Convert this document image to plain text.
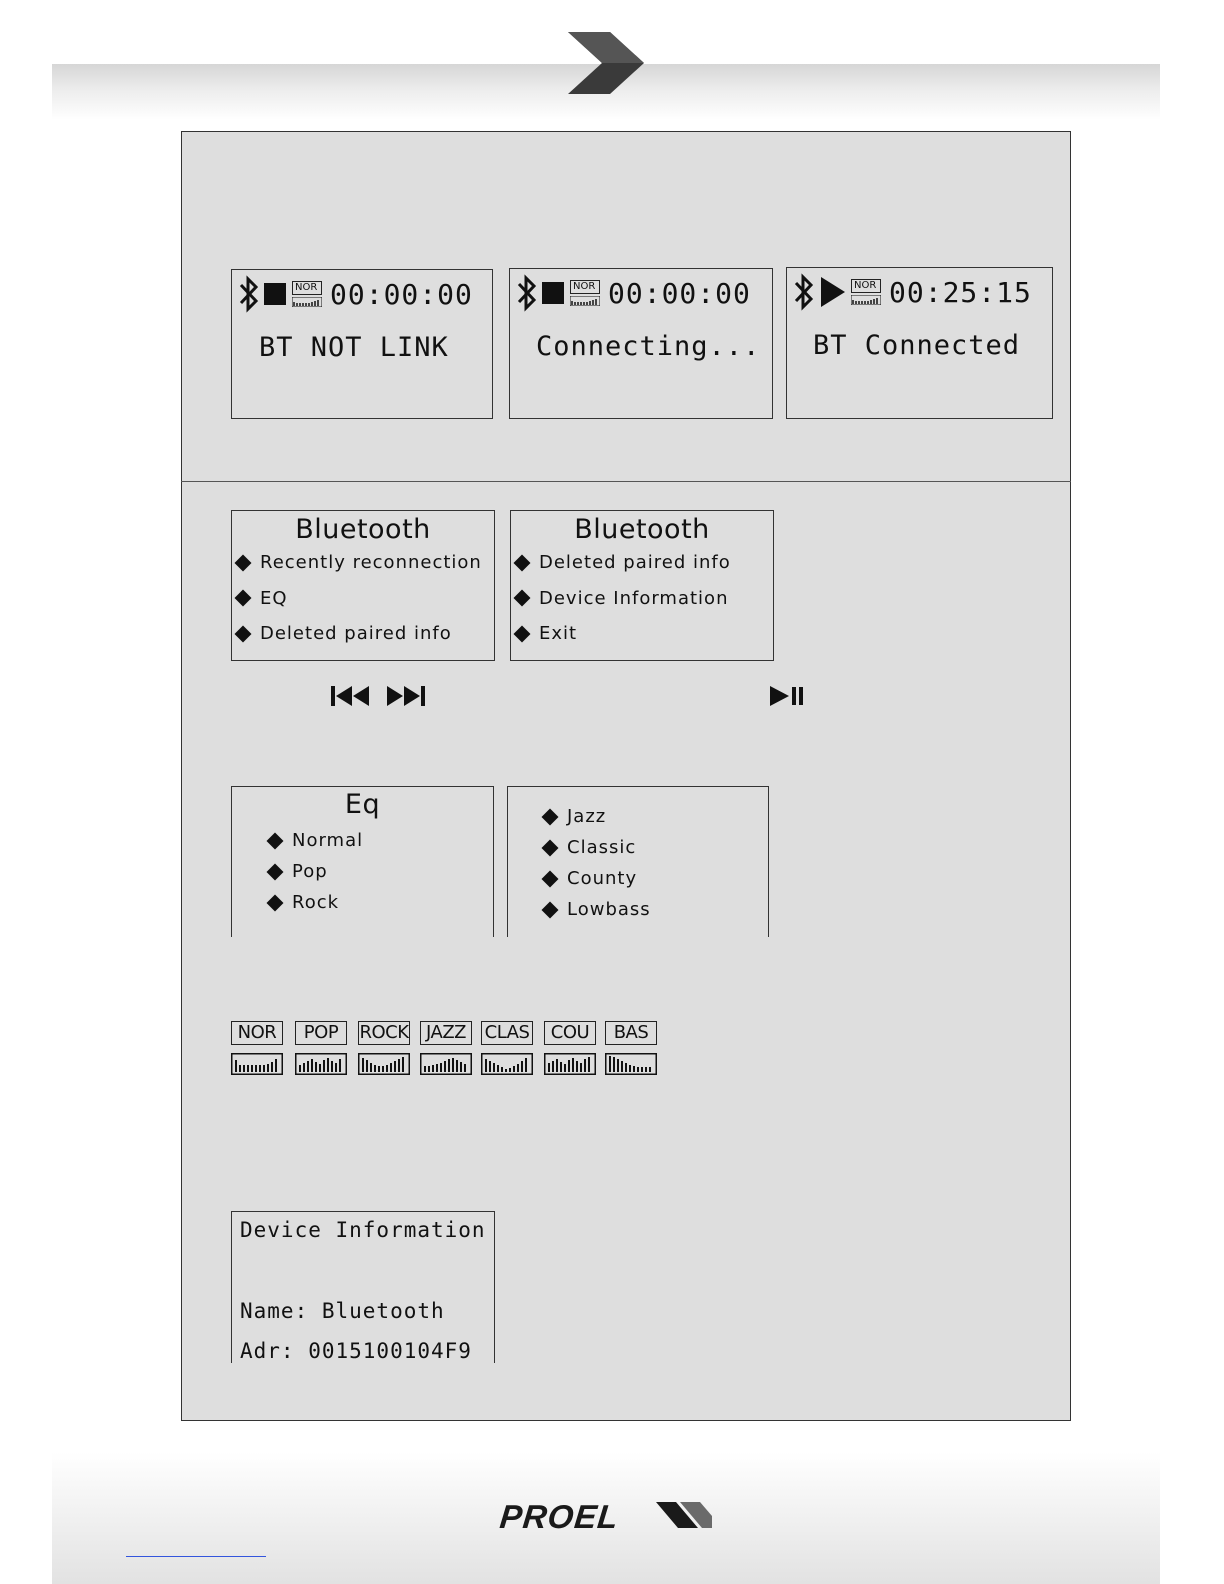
NOR 00:00:00
BT NOT LINK
NOR 00:00:00
Connecting...
NOR 00:25:15
BT Connected
Bluetooth
Recently reconnection
EQ
Deleted paired info
Bluetooth
Deleted paired info
Device Information
Exit
Eq
Normal
Pop
Rock
Jazz
Classic
County
Lowbass
NOR	POP	ROCK JAZZ	CLAS	COU	BAS
Device Information
Name: Bluetooth
Adr: 0015100104F9
PROEL
